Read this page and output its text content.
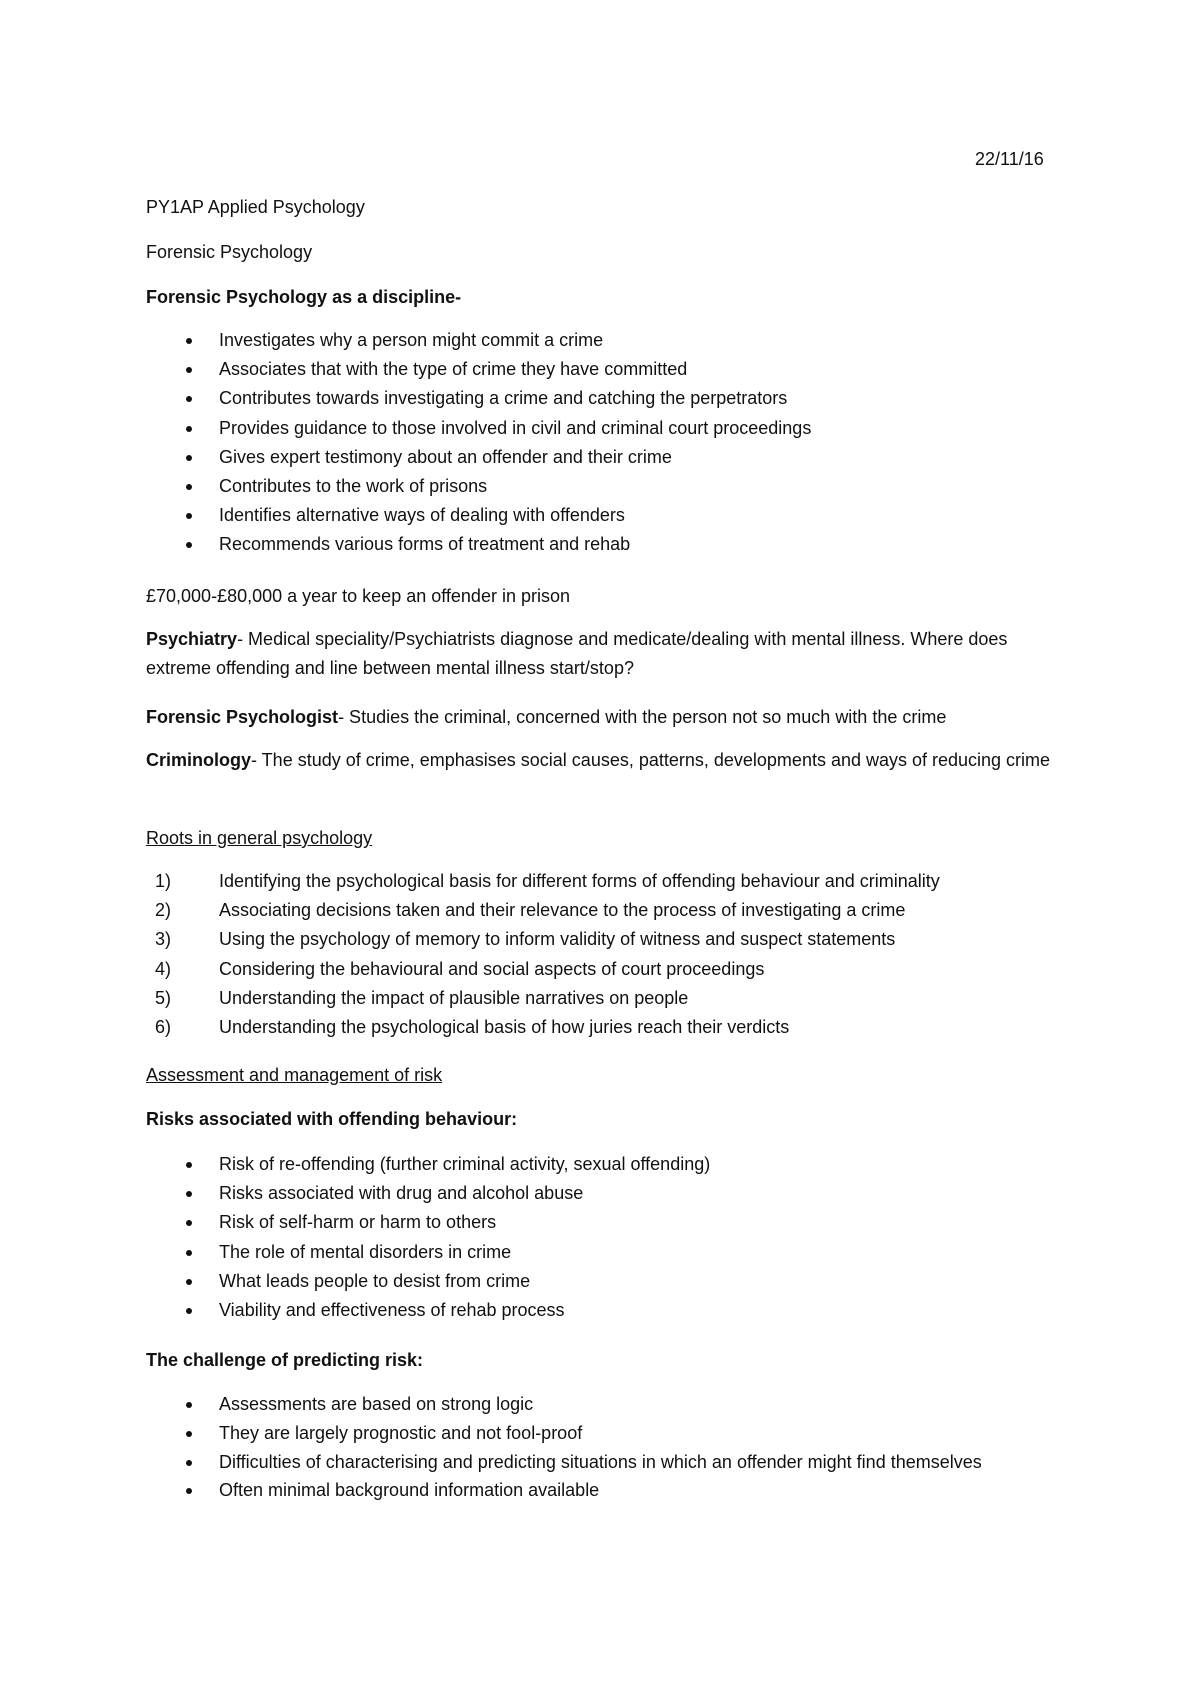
22/11/16
PY1AP Applied Psychology
Forensic Psychology
Forensic Psychology as a discipline-
Investigates why a person might commit a crime
Associates that with the type of crime they have committed
Contributes towards investigating a crime and catching the perpetrators
Provides guidance to those involved in civil and criminal court proceedings
Gives expert testimony about an offender and their crime
Contributes to the work of prisons
Identifies alternative ways of dealing with offenders
Recommends various forms of treatment and rehab
£70,000-£80,000 a year to keep an offender in prison
Psychiatry- Medical speciality/Psychiatrists diagnose and medicate/dealing with mental illness. Where does extreme offending and line between mental illness start/stop?
Forensic Psychologist- Studies the criminal, concerned with the person not so much with the crime
Criminology- The study of crime, emphasises social causes, patterns, developments and ways of reducing crime
Roots in general psychology
1)	Identifying the psychological basis for different forms of offending behaviour and criminality
2)	Associating decisions taken and their relevance to the process of investigating a crime
3)	Using the psychology of memory to inform validity of witness and suspect statements
4)	Considering the behavioural and social aspects of court proceedings
5)	Understanding the impact of plausible narratives on people
6)	Understanding the psychological basis of how juries reach their verdicts
Assessment and management of risk
Risks associated with offending behaviour:
Risk of re-offending (further criminal activity, sexual offending)
Risks associated with drug and alcohol abuse
Risk of self-harm or harm to others
The role of mental disorders in crime
What leads people to desist from crime
Viability and effectiveness of rehab process
The challenge of predicting risk:
Assessments are based on strong logic
They are largely prognostic and not fool-proof
Difficulties of characterising and predicting situations in which an offender might find themselves
Often minimal background information available
